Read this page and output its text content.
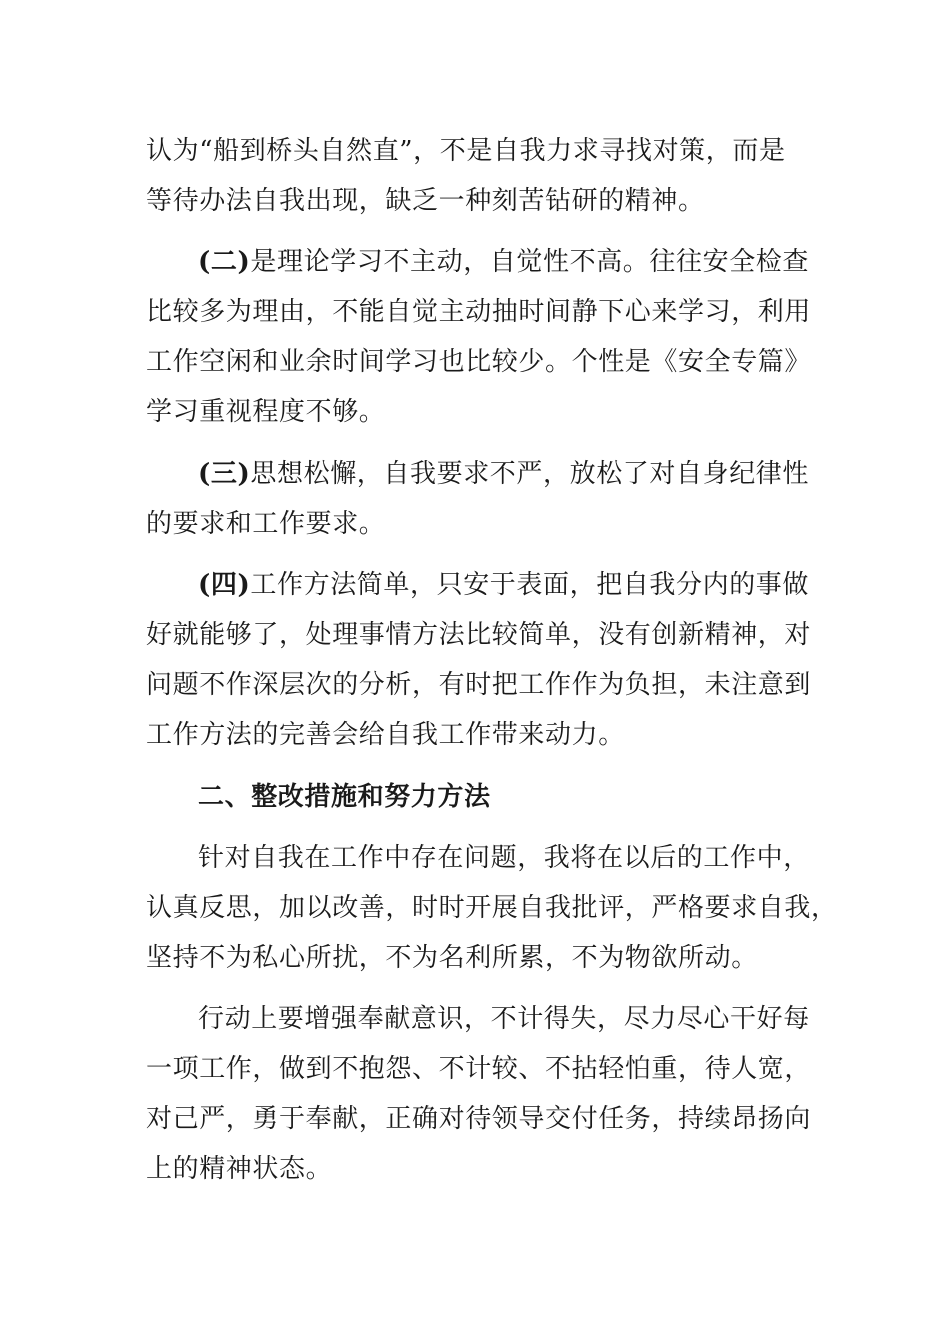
认为“船到桥头自然直”，不是自我力求寻找对策，而是
等待办法自我出现，缺乏一种刻苦钻研的精神。
(二)是理论学习不主动，自觉性不高。往往安全检查
比较多为理由，不能自觉主动抽时间静下心来学习，利用
工作空闲和业余时间学习也比较少。个性是《安全专篇》
学习重视程度不够。
(三)思想松懈，自我要求不严，放松了对自身纪律性
的要求和工作要求。
(四)工作方法简单，只安于表面，把自我分内的事做
好就能够了，处理事情方法比较简单，没有创新精神，对
问题不作深层次的分析，有时把工作作为负担，未注意到
工作方法的完善会给自我工作带来动力。
二、整改措施和努力方法
针对自我在工作中存在问题，我将在以后的工作中，
认真反思，加以改善，时时开展自我批评，严格要求自我，
坚持不为私心所扰，不为名利所累，不为物欲所动。
行动上要增强奉献意识，不计得失，尽力尽心干好每
一项工作，做到不抱怨、不计较、不拈轻怕重，待人宽，
对己严，勇于奉献，正确对待领导交付任务，持续昂扬向
上的精神状态。
